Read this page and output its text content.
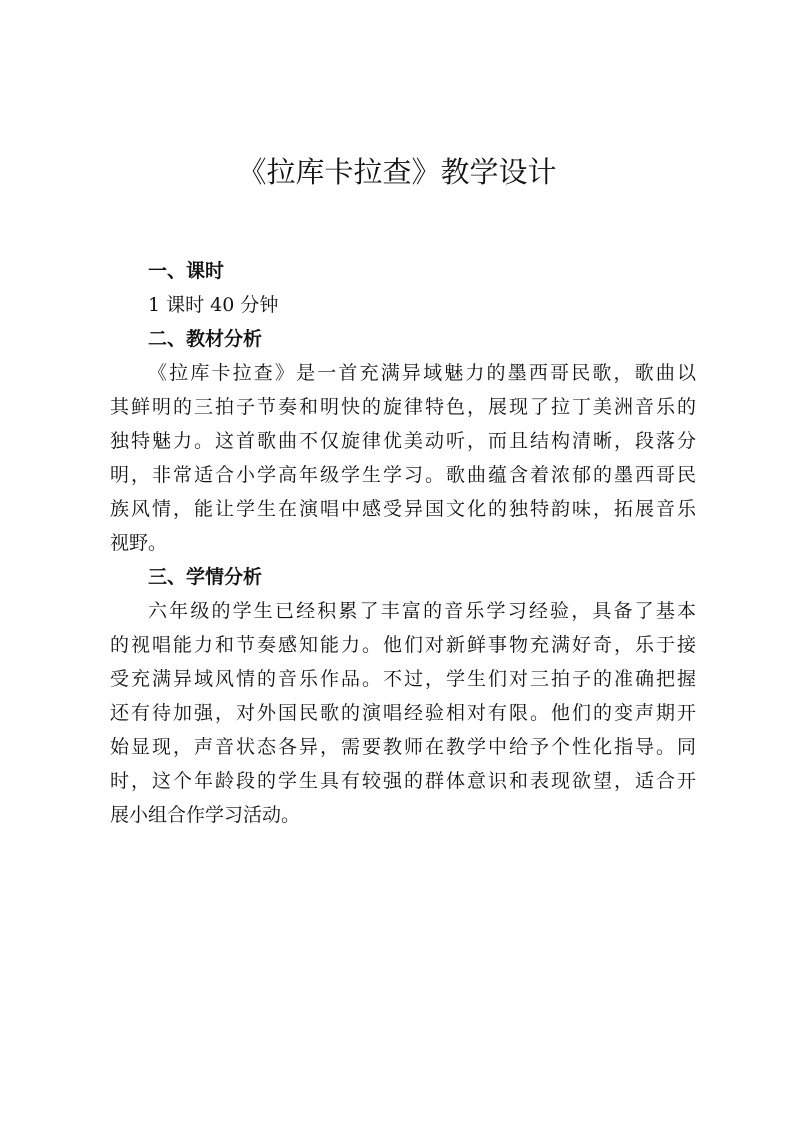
《拉库卡拉查》教学设计
一、课时
1 课时 40 分钟
二、教材分析
《拉库卡拉查》是一首充满异域魅力的墨西哥民歌，歌曲以
其鲜明的三拍子节奏和明快的旋律特色，展现了拉丁美洲音乐的
独特魅力。这首歌曲不仅旋律优美动听，而且结构清晰，段落分
明，非常适合小学高年级学生学习。歌曲蕴含着浓郁的墨西哥民
族风情，能让学生在演唱中感受异国文化的独特韵味，拓展音乐
视野。
三、学情分析
六年级的学生已经积累了丰富的音乐学习经验，具备了基本
的视唱能力和节奏感知能力。他们对新鲜事物充满好奇，乐于接
受充满异域风情的音乐作品。不过，学生们对三拍子的准确把握
还有待加强，对外国民歌的演唱经验相对有限。他们的变声期开
始显现，声音状态各异，需要教师在教学中给予个性化指导。同
时，这个年龄段的学生具有较强的群体意识和表现欲望，适合开
展小组合作学习活动。
